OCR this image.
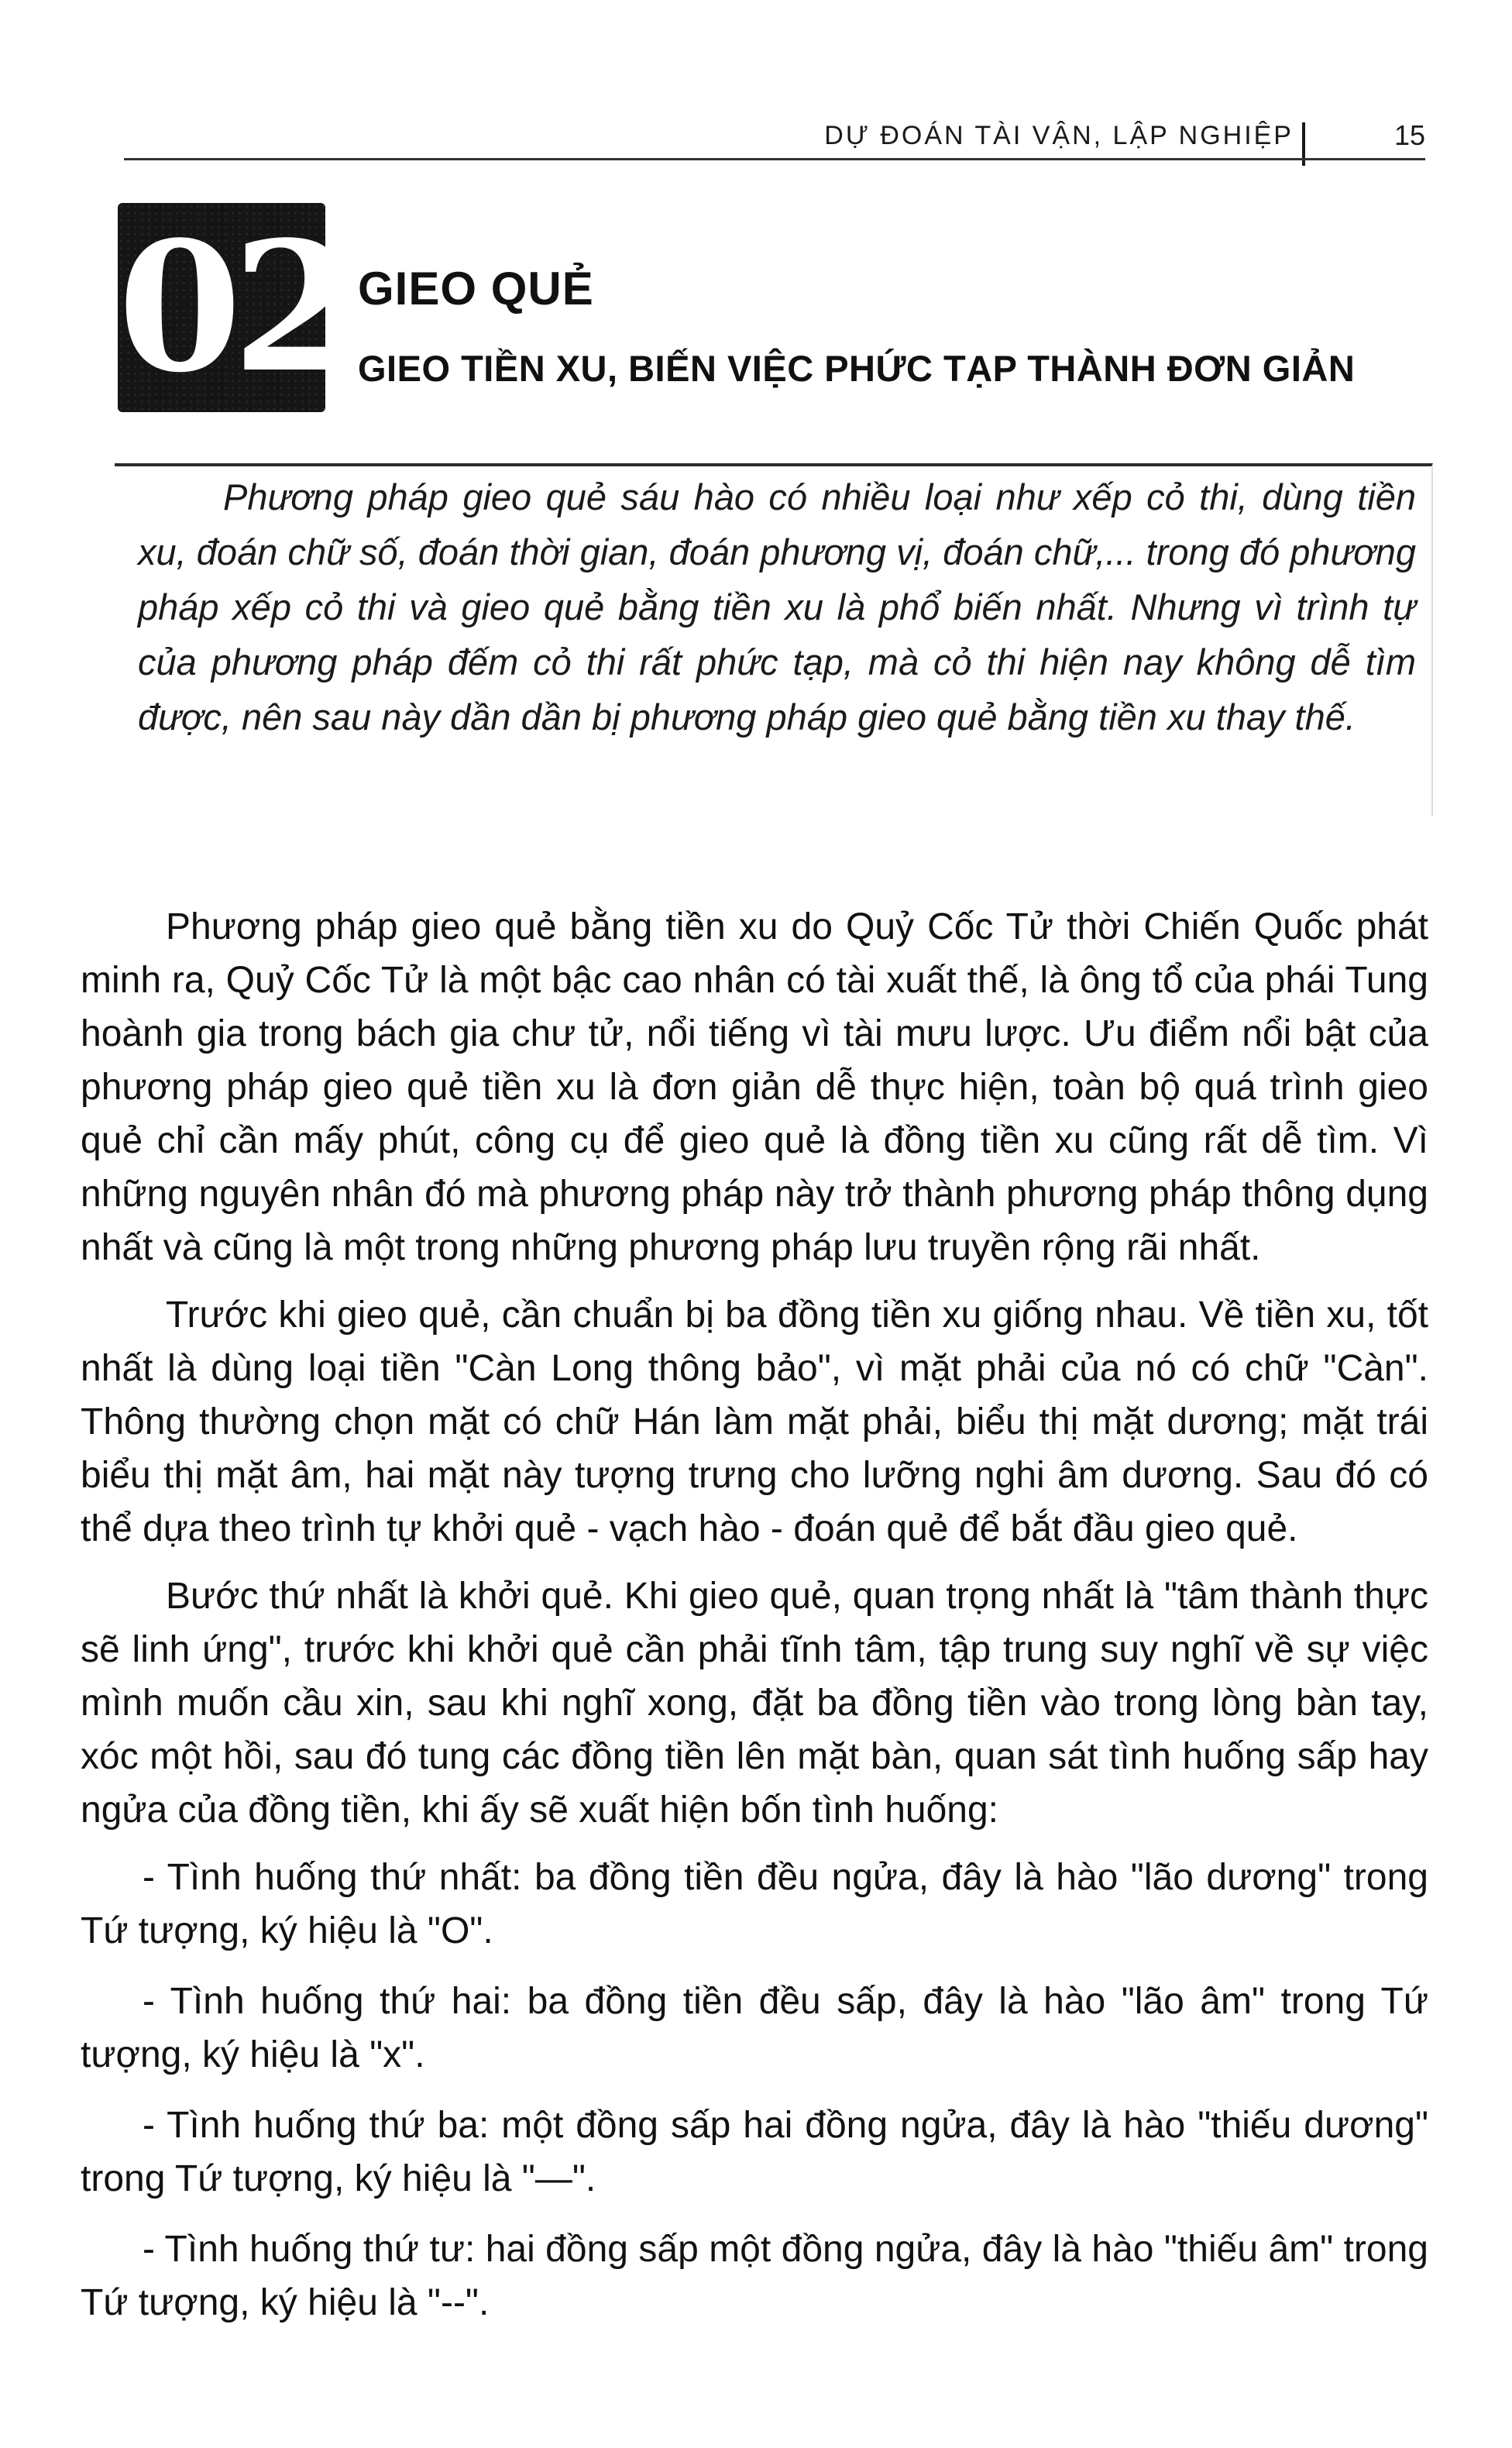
DỰ ĐOÁN TÀI VẬN, LẬP NGHIỆP	15
02 GIEO QUẺ
GIEO TIỀN XU, BIẾN VIỆC PHỨC TẠP THÀNH ĐƠN GIẢN
Phương pháp gieo quẻ sáu hào có nhiều loại như xếp cỏ thi, dùng tiền xu, đoán chữ số, đoán thời gian, đoán phương vị, đoán chữ,... trong đó phương pháp xếp cỏ thi và gieo quẻ bằng tiền xu là phổ biến nhất. Nhưng vì trình tự của phương pháp đếm cỏ thi rất phức tạp, mà cỏ thi hiện nay không dễ tìm được, nên sau này dần dần bị phương pháp gieo quẻ bằng tiền xu thay thế.

Phương pháp gieo quẻ bằng tiền xu do Quỷ Cốc Tử thời Chiến Quốc phát minh ra, Quỷ Cốc Tử là một bậc cao nhân có tài xuất thế, là ông tổ của phái Tung hoành gia trong bách gia chư tử, nổi tiếng vì tài mưu lược. Ưu điểm nổi bật của phương pháp gieo quẻ tiền xu là đơn giản dễ thực hiện, toàn bộ quá trình gieo quẻ chỉ cần mấy phút, công cụ để gieo quẻ là đồng tiền xu cũng rất dễ tìm. Vì những nguyên nhân đó mà phương pháp này trở thành phương pháp thông dụng nhất và cũng là một trong những phương pháp lưu truyền rộng rãi nhất.

Trước khi gieo quẻ, cần chuẩn bị ba đồng tiền xu giống nhau. Về tiền xu, tốt nhất là dùng loại tiền "Càn Long thông bảo", vì mặt phải của nó có chữ "Càn". Thông thường chọn mặt có chữ Hán làm mặt phải, biểu thị mặt dương; mặt trái biểu thị mặt âm, hai mặt này tượng trưng cho lưỡng nghi âm dương. Sau đó có thể dựa theo trình tự khởi quẻ - vạch hào - đoán quẻ để bắt đầu gieo quẻ.

Bước thứ nhất là khởi quẻ. Khi gieo quẻ, quan trọng nhất là "tâm thành thực sẽ linh ứng", trước khi khởi quẻ cần phải tĩnh tâm, tập trung suy nghĩ về sự việc mình muốn cầu xin, sau khi nghĩ xong, đặt ba đồng tiền vào trong lòng bàn tay, xóc một hồi, sau đó tung các đồng tiền lên mặt bàn, quan sát tình huống sấp hay ngửa của đồng tiền, khi ấy sẽ xuất hiện bốn tình huống:

- Tình huống thứ nhất: ba đồng tiền đều ngửa, đây là hào "lão dương" trong Tứ tượng, ký hiệu là "O".

- Tình huống thứ hai: ba đồng tiền đều sấp, đây là hào "lão âm" trong Tứ tượng, ký hiệu là "x".

- Tình huống thứ ba: một đồng sấp hai đồng ngửa, đây là hào "thiếu dương" trong Tứ tượng, ký hiệu là "—".

- Tình huống thứ tư: hai đồng sấp một đồng ngửa, đây là hào "thiếu âm" trong Tứ tượng, ký hiệu là "--".
